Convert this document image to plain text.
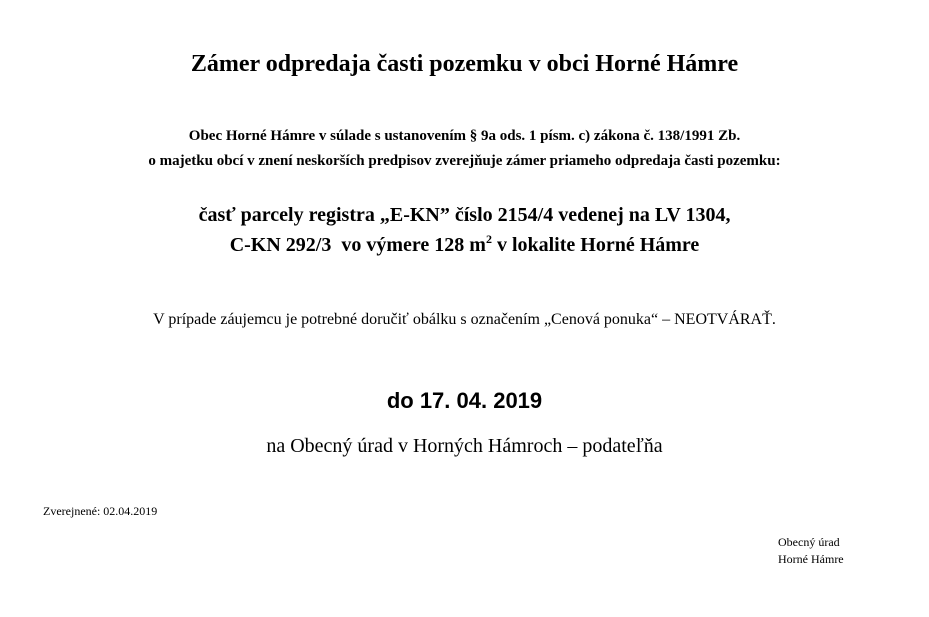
Zámer odpredaja časti pozemku v obci Horné Hámre
Obec Horné Hámre v súlade s ustanovením § 9a ods. 1 písm. c) zákona č. 138/1991 Zb.
o majetku obcí v znení neskorších predpisov zverejňuje zámer priameho odpredaja časti pozemku:
časť parcely registra „E-KN” číslo 2154/4 vedenej na LV 1304,
C-KN 292/3  vo výmere 128 $m^2$ v lokalite Horné Hámre
V prípade záujemcu je potrebné doručiť obálku s označením „Cenová ponuka“ – NEOTVÁRAŤ.
do 17. 04. 2019
na Obecný úrad v Horných Hámroch – podateľňa
Zverejnené: 02.04.2019
Obecný úrad
Horné Hámre
